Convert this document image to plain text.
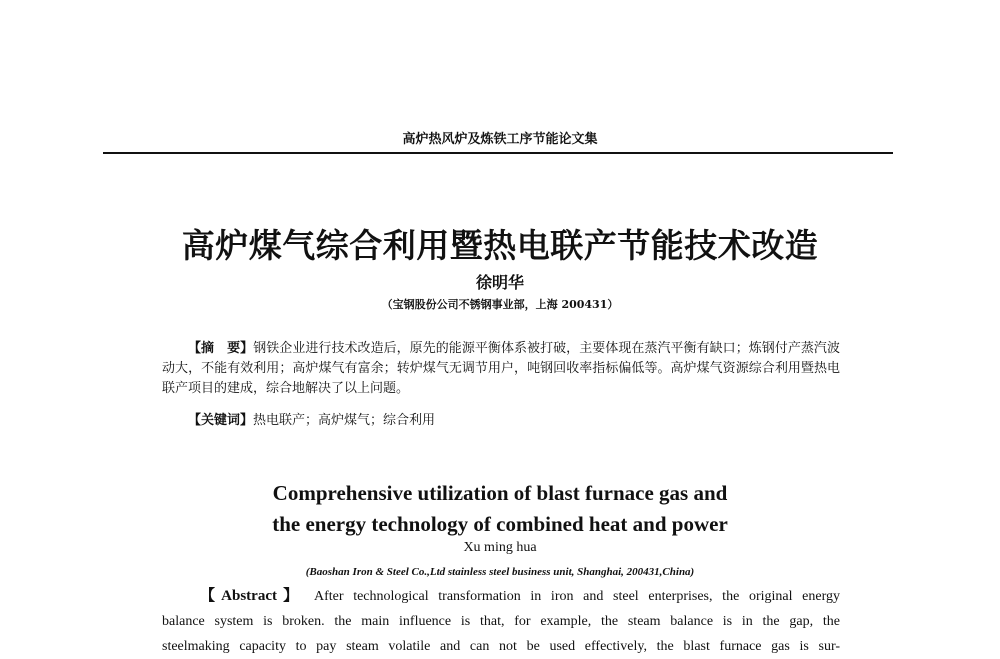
高炉热风炉及炼铁工序节能论文集
高炉煤气综合利用暨热电联产节能技术改造
徐明华
（宝钢股份公司不锈钢事业部，上海 200431）
【摘　要】钢铁企业进行技术改造后，原先的能源平衡体系被打破，主要体现在蒸汽平衡有缺口；炼钢付产蒸汽波动大，不能有效利用；高炉煤气有富余；转炉煤气无调节用户，吨钢回收率指标偏低等。高炉煤气资源综合利用暨热电联产项目的建成，综合地解决了以上问题。
【关键词】热电联产；高炉煤气；综合利用
Comprehensive utilization of blast furnace gas and
the energy technology of combined heat and power
Xu ming hua
(Baoshan Iron & Steel Co.,Ltd stainless steel business unit, Shanghai, 200431,China)
【Abstract】 After technological transformation in iron and steel enterprises, the original energy
balance system is broken. the main influence is that, for example, the steam balance is in the gap, the
steelmaking capacity to pay steam volatile and can not be used effectively, the blast furnace gas is sur-
